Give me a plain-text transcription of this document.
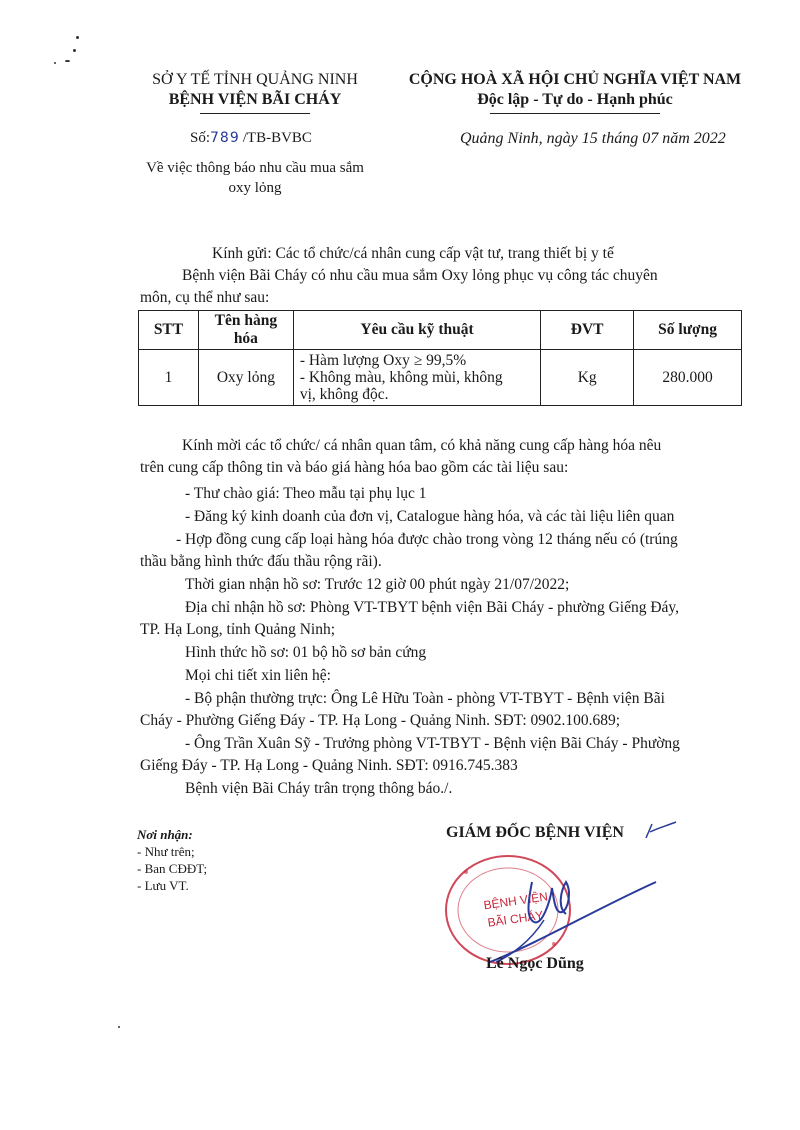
SỞ Y TẾ TỈNH QUẢNG NINH
BỆNH VIỆN BÃI CHÁY
Số:789 /TB-BVBC
Về việc thông báo nhu cầu mua sắm
oxy lỏng
CỘNG HOÀ XÃ HỘI CHỦ NGHĨA VIỆT NAM
Độc lập - Tự do - Hạnh phúc
Quảng Ninh, ngày 15 tháng 07 năm 2022
Kính gửi: Các tổ chức/cá nhân cung cấp vật tư, trang thiết bị y tế
Bệnh viện Bãi Cháy có nhu cầu mua sắm Oxy lỏng phục vụ công tác chuyên
môn, cụ thể như sau:
STT	Tên hàng hóa	Yêu cầu kỹ thuật	ĐVT	Số lượng
1	Oxy lỏng	- Hàm lượng Oxy ≥ 99,5%
- Không màu, không mùi, không
vị, không độc.	Kg	280.000
Kính mời các tổ chức/ cá nhân quan tâm, có khả năng cung cấp hàng hóa nêu
trên cung cấp thông tin và báo giá hàng hóa bao gồm các tài liệu sau:
- Thư chào giá: Theo mẫu tại phụ lục 1
- Đăng ký kinh doanh của đơn vị, Catalogue hàng hóa, và các tài liệu liên quan
- Hợp đồng cung cấp loại hàng hóa được chào trong vòng 12 tháng nếu có (trúng
thầu bằng hình thức đấu thầu rộng rãi).
Thời gian nhận hồ sơ: Trước 12 giờ 00 phút ngày 21/07/2022;
Địa chỉ nhận hồ sơ: Phòng VT-TBYT bệnh viện Bãi Cháy - phường Giếng Đáy,
TP. Hạ Long, tỉnh Quảng Ninh;
Hình thức hồ sơ: 01 bộ hồ sơ bản cứng
Mọi chi tiết xin liên hệ:
- Bộ phận thường trực: Ông Lê Hữu Toàn - phòng VT-TBYT - Bệnh viện Bãi
Cháy - Phường Giếng Đáy - TP. Hạ Long - Quảng Ninh. SĐT: 0902.100.689;
- Ông Trần Xuân Sỹ - Trưởng phòng VT-TBYT - Bệnh viện Bãi Cháy - Phường
Giếng Đáy - TP. Hạ Long - Quảng Ninh. SĐT: 0916.745.383
Bệnh viện Bãi Cháy trân trọng thông báo./.
Nơi nhận:
- Như trên;
- Ban CĐĐT;
- Lưu VT.
GIÁM ĐỐC BỆNH VIỆN
BỆNH VIỆN
BÃI CHÁY
Lê Ngọc Dũng
